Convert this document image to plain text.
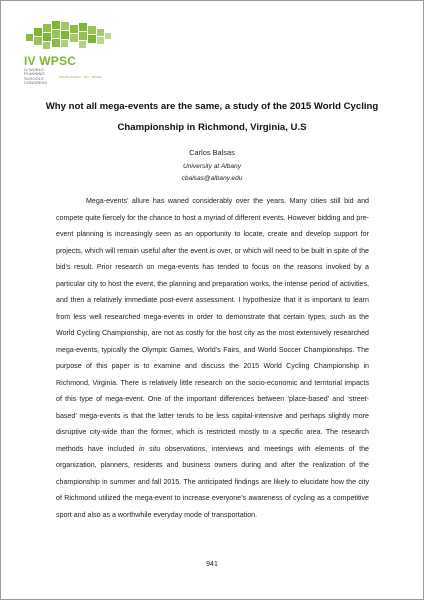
IV WPSC
IV WORLD PLANNING SCHOOLS CONGRESS
SOUTH AFRICA · RIO · BRAZIL
Why not all mega-events are the same, a study of the 2015 World Cycling Championship in Richmond, Virginia, U.S
Carlos Balsas
University at Albany
cbalsas@albany.edu
Mega-events’ allure has waned considerably over the years. Many cities still bid and compete quite fiercely for the chance to host a myriad of different events. However bidding and pre-event planning is increasingly seen as an opportunity to locate, create and develop support for projects, which will remain useful after the event is over, or which will need to be built in spite of the bid’s result. Prior research on mega-events has tended to focus on the reasons invoked by a particular city to host the event, the planning and preparation works, the intense period of activities, and then a relatively immediate post-event assessment. I hypothesize that it is important to learn from less well researched mega-events in order to demonstrate that certain types, such as the World Cycling Championship, are not as costly for the host city as the most extensively researched mega-events, typically the Olympic Games, World’s Fairs, and World Soccer Championships. The purpose of this paper is to examine and discuss the 2015 World Cycling Championship in Richmond, Virginia. There is relatively little research on the socio-economic and territorial impacts of this type of mega-event. One of the important differences between ‘place-based’ and ‘street-based’ mega-events is that the latter tends to be less capital-intensive and perhaps slightly more disruptive city-wide than the former, which is restricted mostly to a specific area. The research methods have included in situ observations, interviews and meetings with elements of the organization, planners, residents and business owners during and after the realization of the championship in summer and fall 2015. The anticipated findings are likely to elucidate how the city of Richmond utilized the mega-event to increase everyone’s awareness of cycling as a competitive sport and also as a worthwhile everyday mode of transportation.
941
